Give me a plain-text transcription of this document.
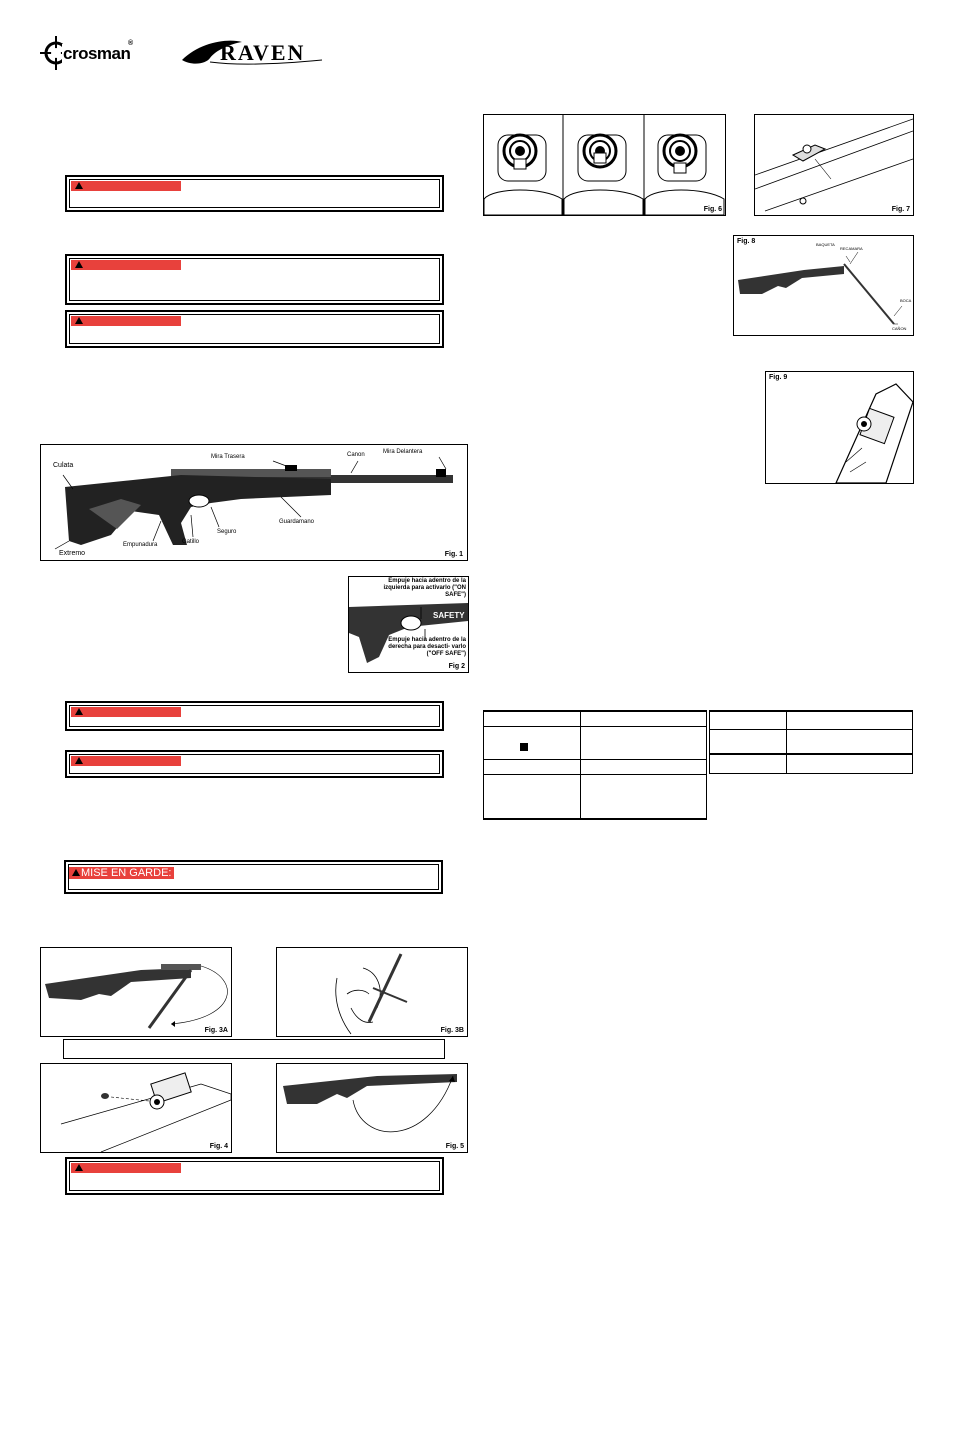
crosman
®	RAVEN
Culata
Mira Trasera	Canon	Mira Delantera
Guardamano
Seguro
Gatillo
Empunadura
Extremo	Fig. 1
Empuje hacia adentro de la izquierda para activarlo ("ON SAFE")
SAFETY
Empuje hacia adentro de la derecha para desacti- varlo ("OFF SAFE")
Fig 2
MISE EN GARDE:
Fig. 3A	Fig. 3B
Fig. 4	Fig. 5
Fig. 6	Fig. 7
Fig. 8	BAQUETA
RECAMARA
BOCA
CAÑON
Fig. 9
